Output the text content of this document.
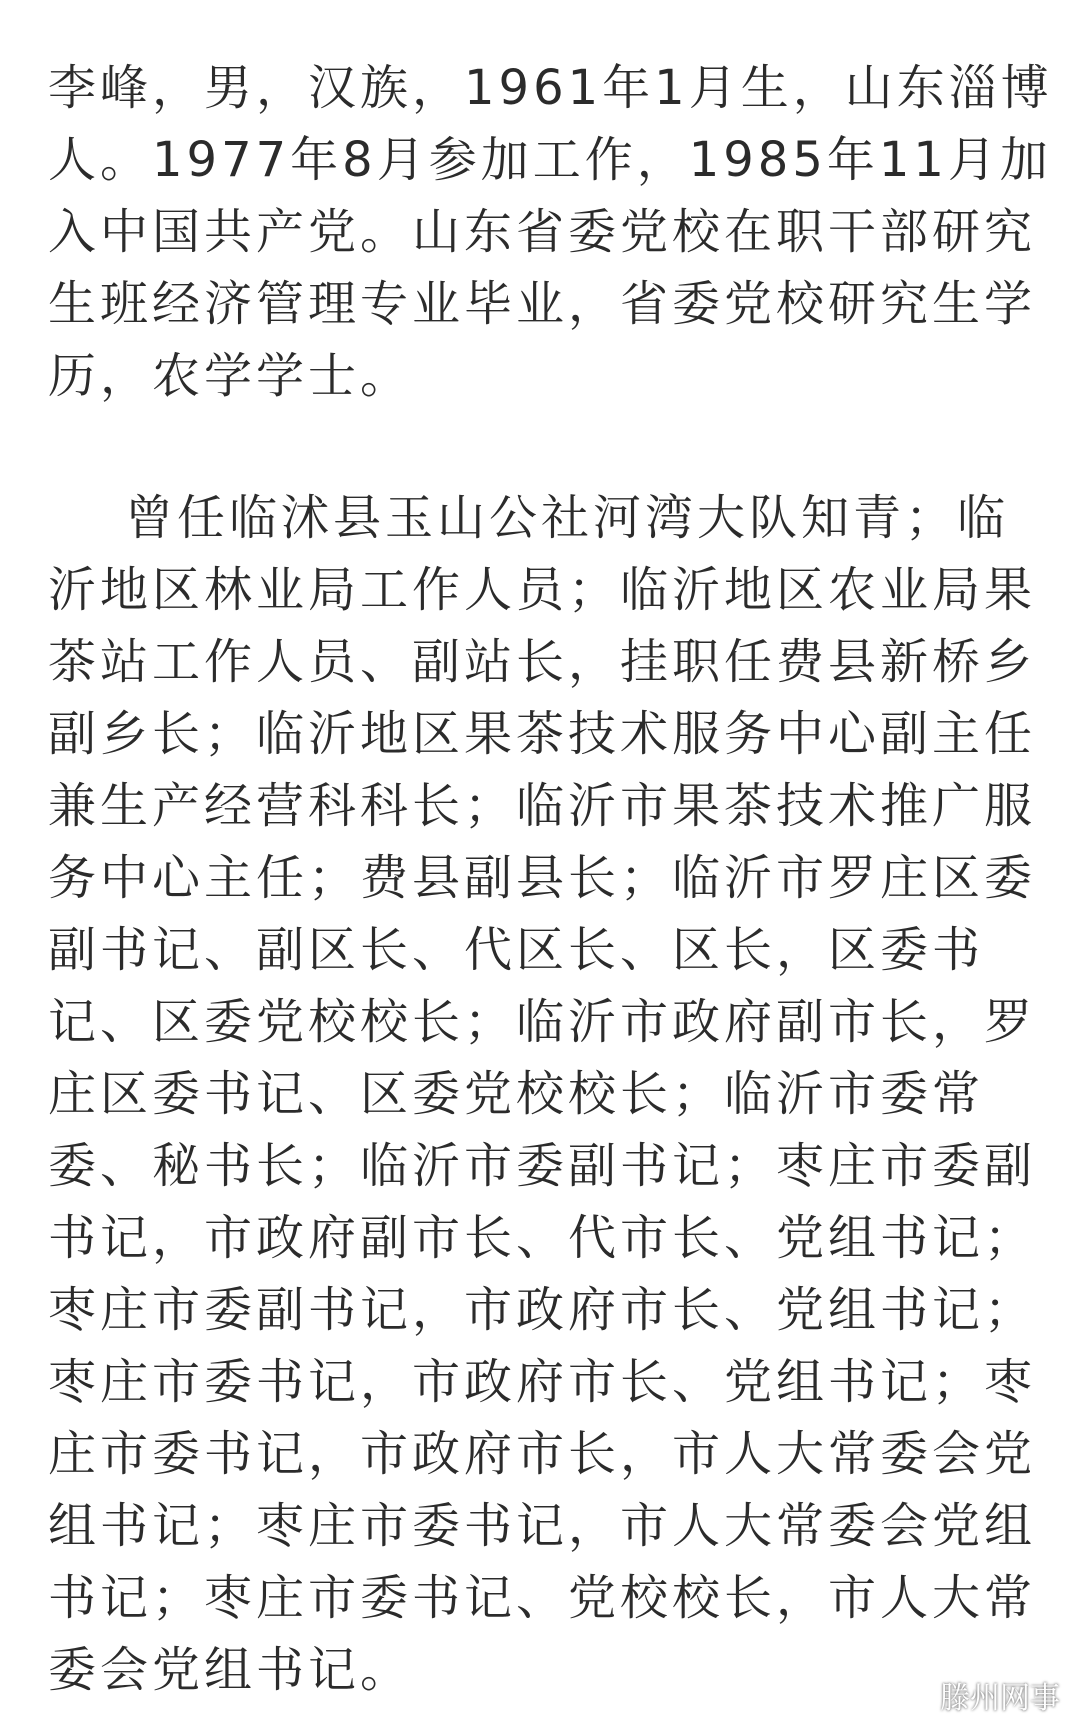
李峰，男，汉族，1961年1月生，山东淄博
人。1977年8月参加工作，1985年11月加
入中国共产党。山东省委党校在职干部研究
生班经济管理专业毕业，省委党校研究生学
历，农学学士。
曾任临沭县玉山公社河湾大队知青；临
沂地区林业局工作人员；临沂地区农业局果
茶站工作人员、副站长，挂职任费县新桥乡
副乡长；临沂地区果茶技术服务中心副主任
兼生产经营科科长；临沂市果茶技术推广服
务中心主任；费县副县长；临沂市罗庄区委
副书记、副区长、代区长、区长，区委书
记、区委党校校长；临沂市政府副市长，罗
庄区委书记、区委党校校长；临沂市委常
委、秘书长；临沂市委副书记；枣庄市委副
书记，市政府副市长、代市长、党组书记；
枣庄市委副书记，市政府市长、党组书记；
枣庄市委书记，市政府市长、党组书记；枣
庄市委书记，市政府市长，市人大常委会党
组书记；枣庄市委书记，市人大常委会党组
书记；枣庄市委书记、党校校长，市人大常
委会党组书记。
滕州网事
